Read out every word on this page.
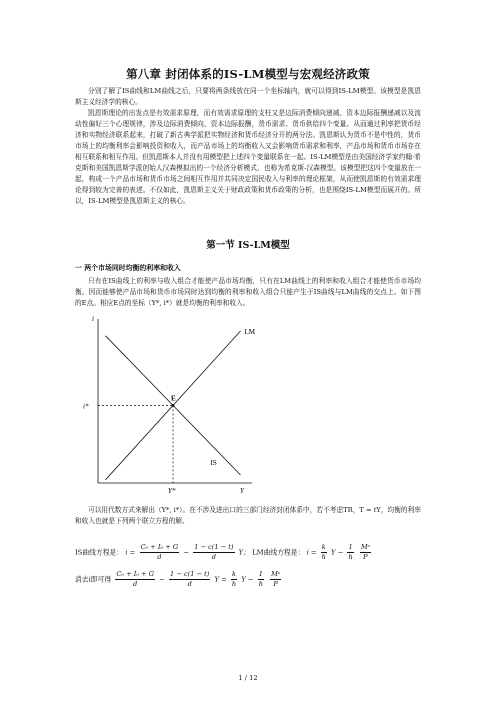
第八章 封闭体系的IS-LM模型与宏观经济政策

分别了解了IS曲线和LM曲线之后，只要将两条线放在同一个坐标轴内，就可以得到IS-LM模型。该模型是凯恩斯主义经济学的核心。

凯恩斯理论的出发点是有效需求原理，而有效需求原理的支柱又是边际消费倾向递减、资本边际报酬递减以及流动性偏好三个心理规律，涉及边际消费倾向、资本边际报酬，货币需求、货币供给四个变量。从而通过利率把货币经济和实物经济联系起来，打破了新古典学派把实物经济和货币经济分开的两分法。凯恩斯认为货币不是中性的，货币市场上的均衡利率会影响投资和收入，而产品市场上的均衡收入又会影响货币需求和利率，产品市场和货币市场存在相互联系和相互作用。但凯恩斯本人并没有用模型把上述四个变量联系在一起。IS-LM模型是由美国经济学家约翰·希克斯和美国凯恩斯学派创始人汉森模拟出的一个经济分析模式，也称为希克斯-汉森模型。该模型把这四个变量放在一起，构成一个产品市场和货币市场之间相互作用并共同决定国民收入与利率的理论框架，从而使凯恩斯的有效需求理论得到较为完善的表述。不仅如此，凯恩斯主义关于财政政策和货币政策的分析，也是围绕IS-LM模型而展开的。所以，IS-LM模型是凯恩斯主义的核心。

第一节 IS-LM模型
一 两个市场同时均衡的利率和收入

只有在IS曲线上的利率与收入组合才能使产品市场均衡，只有在LM曲线上的利率和收入组合才能使货币市场均衡。因而能够使产品市场和货币市场同时达到均衡的利率和收入组合只能产生于IS曲线与LM曲线的交点上。如下图的E点。相应E点的坐标（Y*, i*）就是均衡的利率和收入。

i
Y
LM
IS
E
i*
Y*

可以用代数方式来解出（Y*, i*）。在不涉及进出口的三部门经济封闭体系中，若不考虑TR，T = tY，均衡的利率和收入也就是下列两个联立方程的解。

IS曲线方程是： $i = \frac{\text{C₀ + I₀ + G}}{d} - \frac{1 - c(1 - t)}{d}$ Y； LM曲线方程是： $i = \frac{k}{h}$ $Y - \frac{1}{h}$
$\frac{\text{Mˢ}}{P}$
消去i即可得 $\frac{\text{C₀ + I₀ + G}}{d} - \frac{1 - c(1 - t)}{d}$ $Y = \frac{k}{h}$ $Y - \frac{1}{h}$
$\frac{\text{Mˢ}}{P}$
1 / 12
